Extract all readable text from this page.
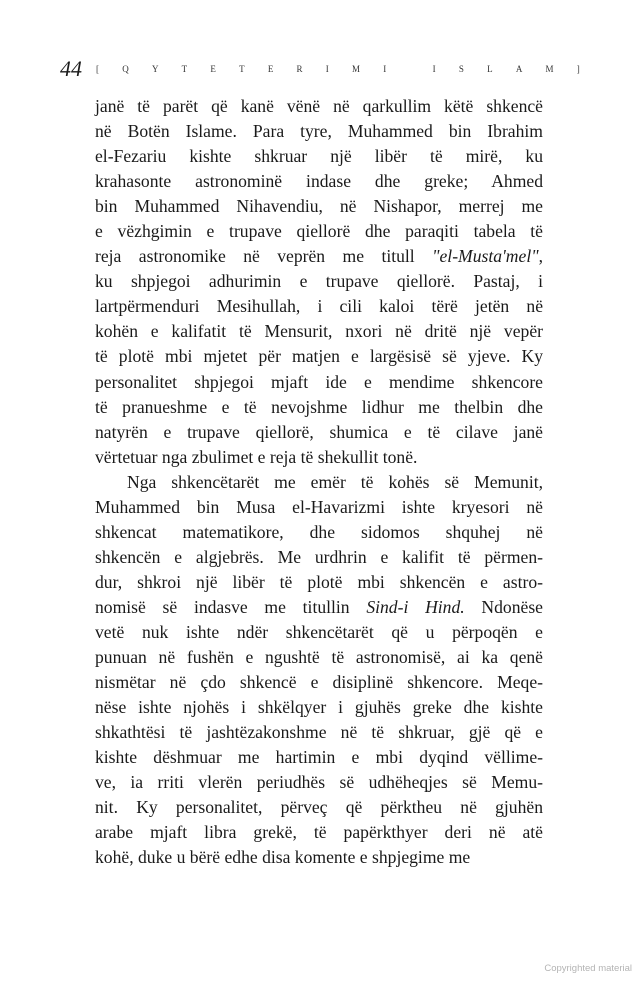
44 [	Q	Y	T	E	T	E	R	I	M	I	I	S	L	A	M	]
janë të parët që kanë vënë në qarkullim këtë shkencë
në Botën Islame. Para tyre, Muhammed bin Ibrahim
el-Fezariu kishte shkruar një libër të mirë, ku
krahasonte astronominë indase dhe greke; Ahmed
bin Muhammed Nihavendiu, në Nishapor, merrej me
e vëzhgimin e trupave qiellorë dhe paraqiti tabela të
reja astronomike në veprën me titull "el-Musta'mel",
ku shpjegoi adhurimin e trupave qiellorë. Pastaj, i
lartpërmenduri Mesihullah, i cili kaloi tërë jetën në
kohën e kalifatit të Mensurit, nxori në dritë një vepër
të plotë mbi mjetet për matjen e largësisë së yjeve. Ky
personalitet shpjegoi mjaft ide e mendime shkencore
të pranueshme e të nevojshme lidhur me thelbin dhe
natyrën e trupave qiellorë, shumica e të cilave janë
vërtetuar nga zbulimet e reja të shekullit tonë.
Nga shkencëtarët me emër të kohës së Memunit,
Muhammed bin Musa el-Havarizmi ishte kryesori në
shkencat matematikore, dhe sidomos shquhej në
shkencën e algjebrës. Me urdhrin e kalifit të përmen-
dur, shkroi një libër të plotë mbi shkencën e astro-
nomisë së indasve me titullin Sind-i Hind. Ndonëse
vetë nuk ishte ndër shkencëtarët që u përpoqën e
punuan në fushën e ngushtë të astronomisë, ai ka qenë
nismëtar në çdo shkencë e disiplinë shkencore. Meqe-
nëse ishte njohës i shkëlqyer i gjuhës greke dhe kishte
shkathtësi të jashtëzakonshme në të shkruar, gjë që e
kishte dëshmuar me hartimin e mbi dyqind vëllime-
ve, ia rriti vlerën periudhës së udhëheqjes së Memu-
nit. Ky personalitet, përveç që përktheu në gjuhën
arabe mjaft libra grekë, të papërkthyer deri në atë
kohë, duke u bërë edhe disa komente e shpjegime me
Copyrighted material
